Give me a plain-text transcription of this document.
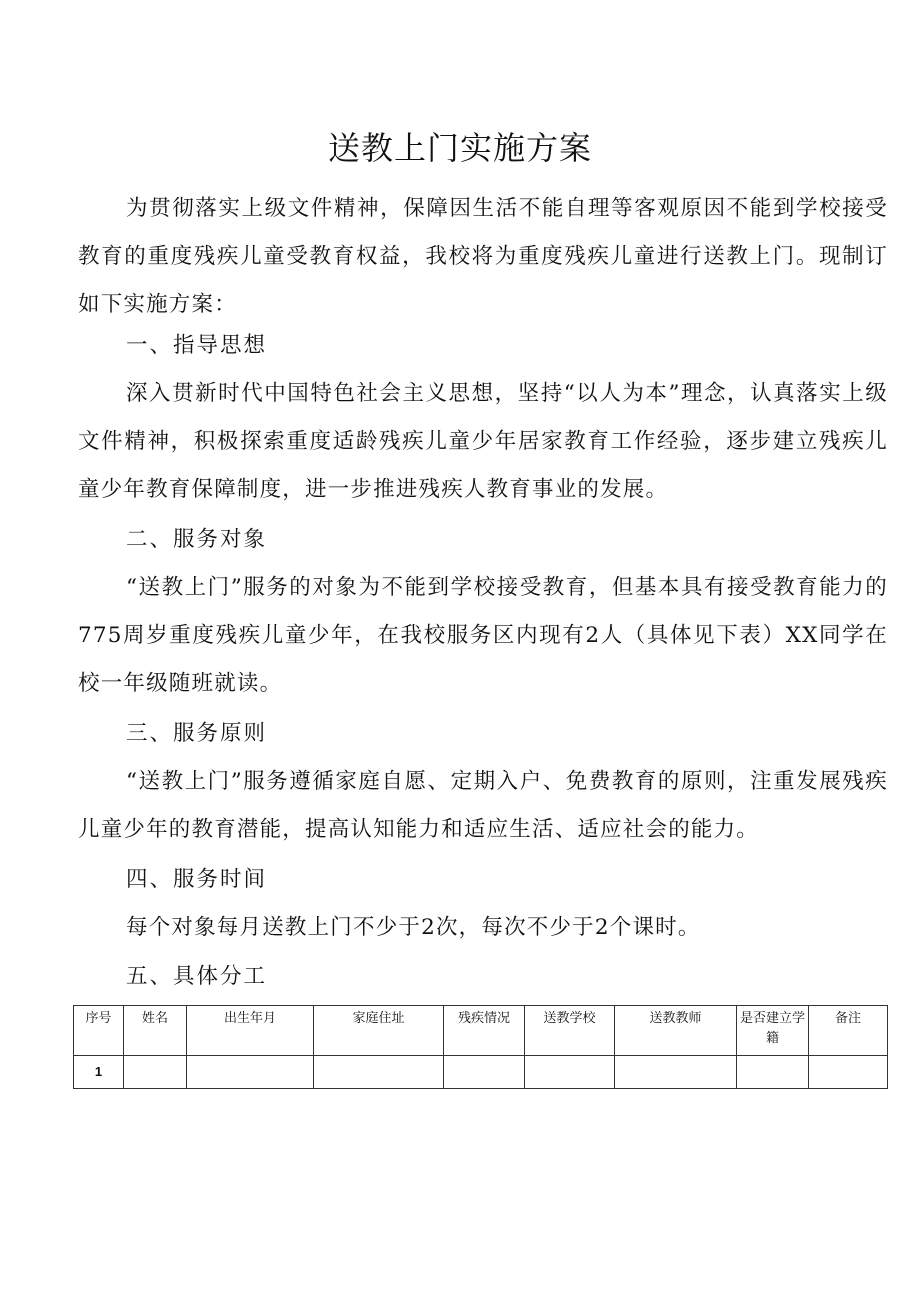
送教上门实施方案

为贯彻落实上级文件精神，保障因生活不能自理等客观原因不能到学校接受教育的重度残疾儿童受教育权益，我校将为重度残疾儿童进行送教上门。现制订如下实施方案：

一、指导思想

深入贯新时代中国特色社会主义思想，坚持“以人为本”理念，认真落实上级文件精神，积极探索重度适龄残疾儿童少年居家教育工作经验，逐步建立残疾儿童少年教育保障制度，进一步推进残疾人教育事业的发展。

二、服务对象

“送教上门”服务的对象为不能到学校接受教育，但基本具有接受教育能力的775周岁重度残疾儿童少年，在我校服务区内现有2人（具体见下表）XX同学在校一年级随班就读。

三、服务原则

“送教上门”服务遵循家庭自愿、定期入户、免费教育的原则，注重发展残疾儿童少年的教育潜能，提高认知能力和适应生活、适应社会的能力。

四、服务时间

每个对象每月送教上门不少于2次，每次不少于2个课时。

五、具体分工
序号	姓名	出生年月	家庭住址	残疾情况	送教学校	送教教师	是否建立学籍	备注
1								
